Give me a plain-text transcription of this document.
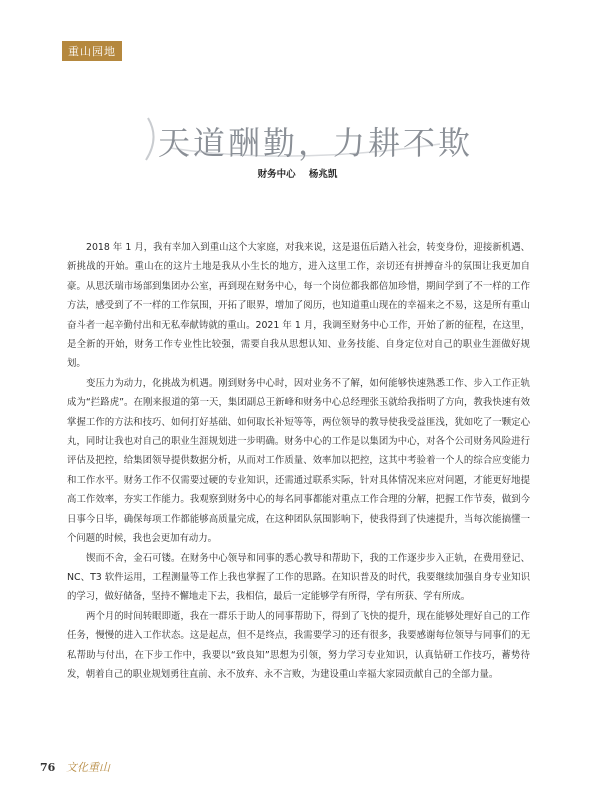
重山园地
天道酬勤，力耕不欺
财务中心 杨兆凯

2018 年 1 月，我有幸加入到重山这个大家庭，对我来说，这是退伍后踏入社会，转变身份，迎接新机遇、新挑战的开始。重山在的这片土地是我从小生长的地方，进入这里工作，亲切还有拼搏奋斗的氛围让我更加自豪。从思沃瑞市场部到集团办公室，再到现在财务中心，每一个岗位都我都倍加珍惜，期间学到了不一样的工作方法，感受到了不一样的工作氛围，开拓了眼界，增加了阅历，也知道重山现在的幸福来之不易，这是所有重山奋斗者一起辛勤付出和无私奉献铸就的重山。2021 年 1 月，我调至财务中心工作，开始了新的征程，在这里，是全新的开始，财务工作专业性比较强，需要自我从思想认知、业务技能、自身定位对自己的职业生涯做好规划。

变压力为动力，化挑战为机遇。刚到财务中心时，因对业务不了解，如何能够快速熟悉工作、步入工作正轨成为“拦路虎”。在刚来报道的第一天，集团副总王新峰和财务中心总经理张玉就给我指明了方向，教我快速有效掌握工作的方法和技巧、如何打好基础、如何取长补短等等，两位领导的教导使我受益匪浅，犹如吃了一颗定心丸，同时让我也对自己的职业生涯规划进一步明确。财务中心的工作是以集团为中心，对各个公司财务风险进行评估及把控，给集团领导提供数据分析，从而对工作质量、效率加以把控，这其中考验着一个人的综合应变能力和工作水平。财务工作不仅需要过硬的专业知识，还需通过联系实际，针对具体情况来应对问题，才能更好地提高工作效率，夯实工作能力。我观察到财务中心的每名同事都能对重点工作合理的分解，把握工作节奏，做到今日事今日毕，确保每项工作都能够高质量完成，在这种团队氛围影响下，使我得到了快速提升，当每次能搞懂一个问题的时候，我也会更加有动力。

锲而不舍，金石可镂。在财务中心领导和同事的悉心教导和帮助下，我的工作逐步步入正轨，在费用登记、NC、T3 软件运用，工程测量等工作上我也掌握了工作的思路。在知识普及的时代，我要继续加强自身专业知识的学习，做好储备，坚持不懈地走下去，我相信，最后一定能够学有所得，学有所获、学有所成。

两个月的时间转眼即逝，我在一群乐于助人的同事帮助下，得到了飞快的提升，现在能够处理好自己的工作任务，慢慢的进入工作状态。这是起点，但不是终点，我需要学习的还有很多，我要感谢每位领导与同事们的无私帮助与付出，在下步工作中，我要以“致良知”思想为引领，努力学习专业知识，认真钻研工作技巧，蓄势待发，朝着自己的职业规划勇往直前、永不放弃、永不言败，为建设重山幸福大家园贡献自己的全部力量。

76 文化重山
